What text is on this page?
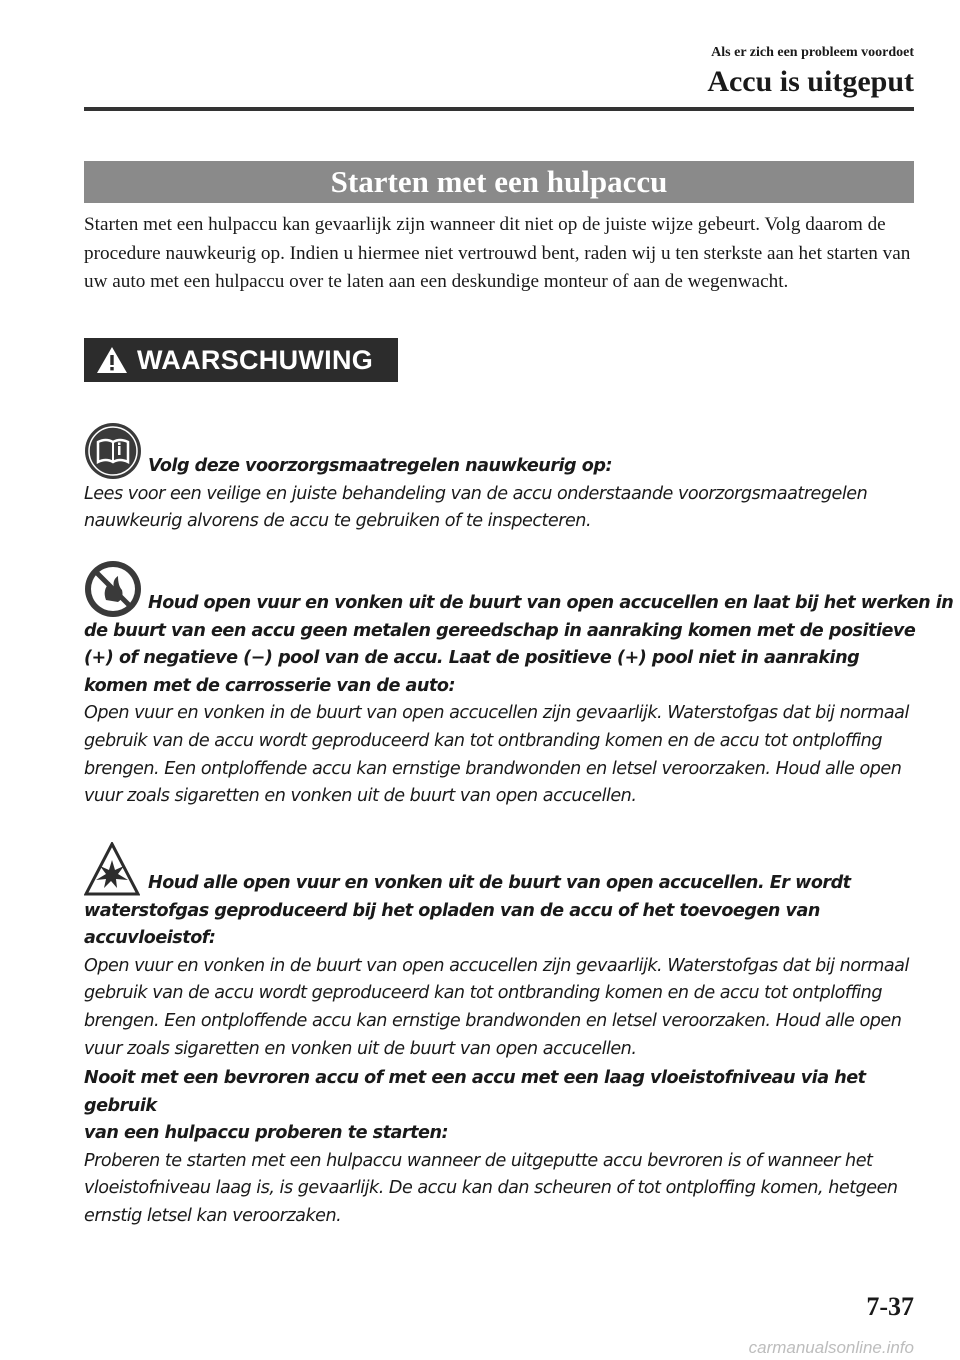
Als er zich een probleem voordoet
Accu is uitgeput
Starten met een hulpaccu

Starten met een hulpaccu kan gevaarlijk zijn wanneer dit niet op de juiste wijze gebeurt. Volg daarom de procedure nauwkeurig op. Indien u hiermee niet vertrouwd bent, raden wij u ten sterkste aan het starten van uw auto met een hulpaccu over te laten aan een deskundige monteur of aan de wegenwacht.

WAARSCHUWING
Volg deze voorzorgsmaatregelen nauwkeurig op:

Lees voor een veilige en juiste behandeling van de accu onderstaande voorzorgsmaatregelen nauwkeurig alvorens de accu te gebruiken of te inspecteren.

Houd open vuur en vonken uit de buurt van open accucellen en laat bij het werken in

de buurt van een accu geen metalen gereedschap in aanraking komen met de positieve (+) of negatieve (−) pool van de accu. Laat de positieve (+) pool niet in aanraking komen met de carrosserie van de auto:

Open vuur en vonken in de buurt van open accucellen zijn gevaarlijk. Waterstofgas dat bij normaal gebruik van de accu wordt geproduceerd kan tot ontbranding komen en de accu tot ontploffing brengen. Een ontploffende accu kan ernstige brandwonden en letsel veroorzaken. Houd alle open vuur zoals sigaretten en vonken uit de buurt van open accucellen.

Houd alle open vuur en vonken uit de buurt van open accucellen. Er wordt

waterstofgas geproduceerd bij het opladen van de accu of het toevoegen van accuvloeistof:

Open vuur en vonken in de buurt van open accucellen zijn gevaarlijk. Waterstofgas dat bij normaal gebruik van de accu wordt geproduceerd kan tot ontbranding komen en de accu tot ontploffing brengen. Een ontploffende accu kan ernstige brandwonden en letsel veroorzaken. Houd alle open vuur zoals sigaretten en vonken uit de buurt van open accucellen.

Nooit met een bevroren accu of met een accu met een laag vloeistofniveau via het gebruik

van een hulpaccu proberen te starten:

Proberen te starten met een hulpaccu wanneer de uitgeputte accu bevroren is of wanneer het vloeistofniveau laag is, is gevaarlijk. De accu kan dan scheuren of tot ontploffing komen, hetgeen ernstig letsel kan veroorzaken.

7-37
carmanualsonline.info
